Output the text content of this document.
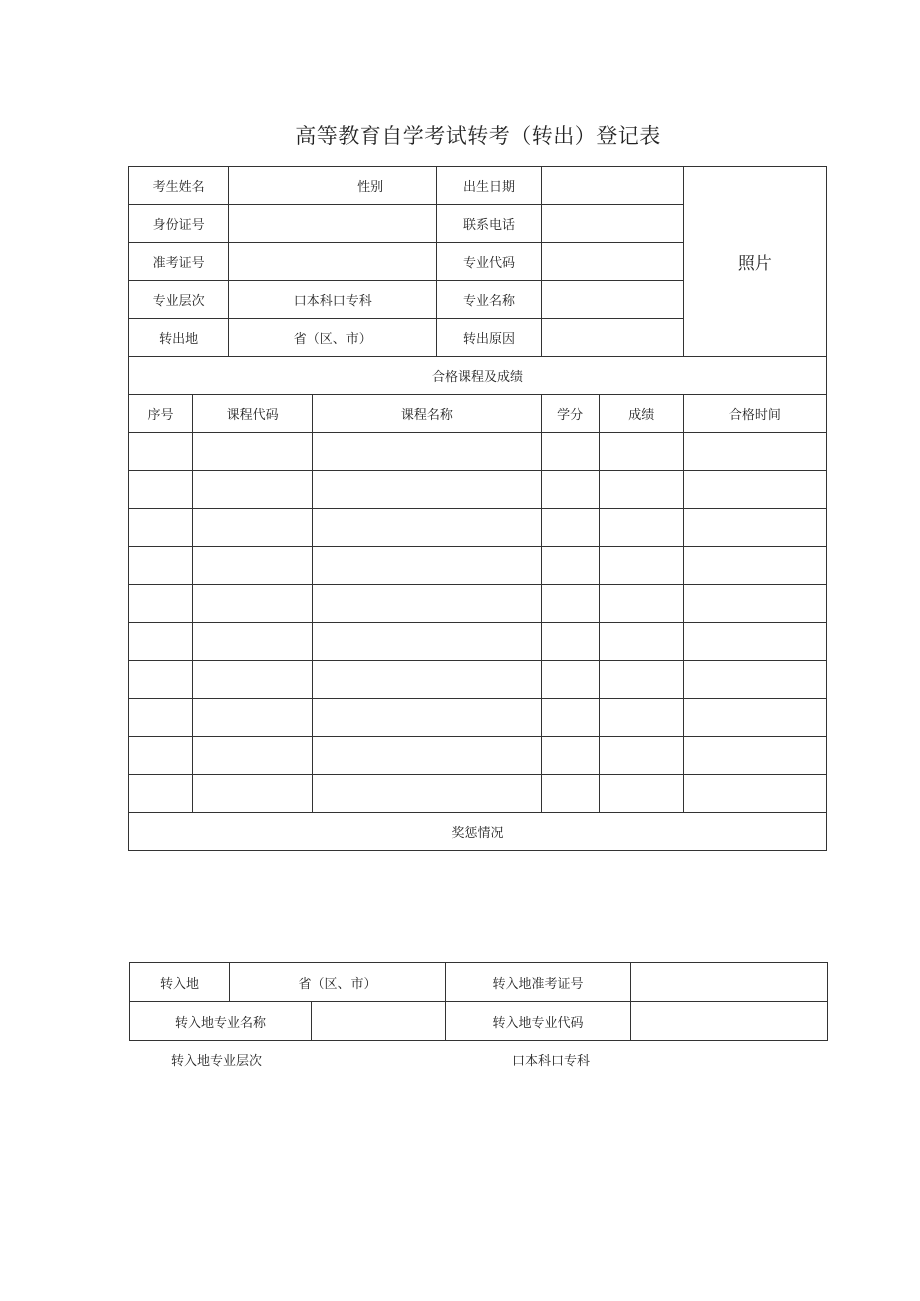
高等教育自学考试转考（转出）登记表
考生姓名		性别		出生日期			照片
身份证号				联系电话			
准考证号				专业代码			
专业层次		口本科口专科		专业名称			
转出地		省（区、市）		转出原因			
合格课程及成绩							
序号	课程代码		课程名称		学分	成绩	合格时间

奖惩情况							
转入地	省（区、市）		转入地准考证号	
转入地专业名称			转入地专业代码	
转入地专业层次	口本科口专科
